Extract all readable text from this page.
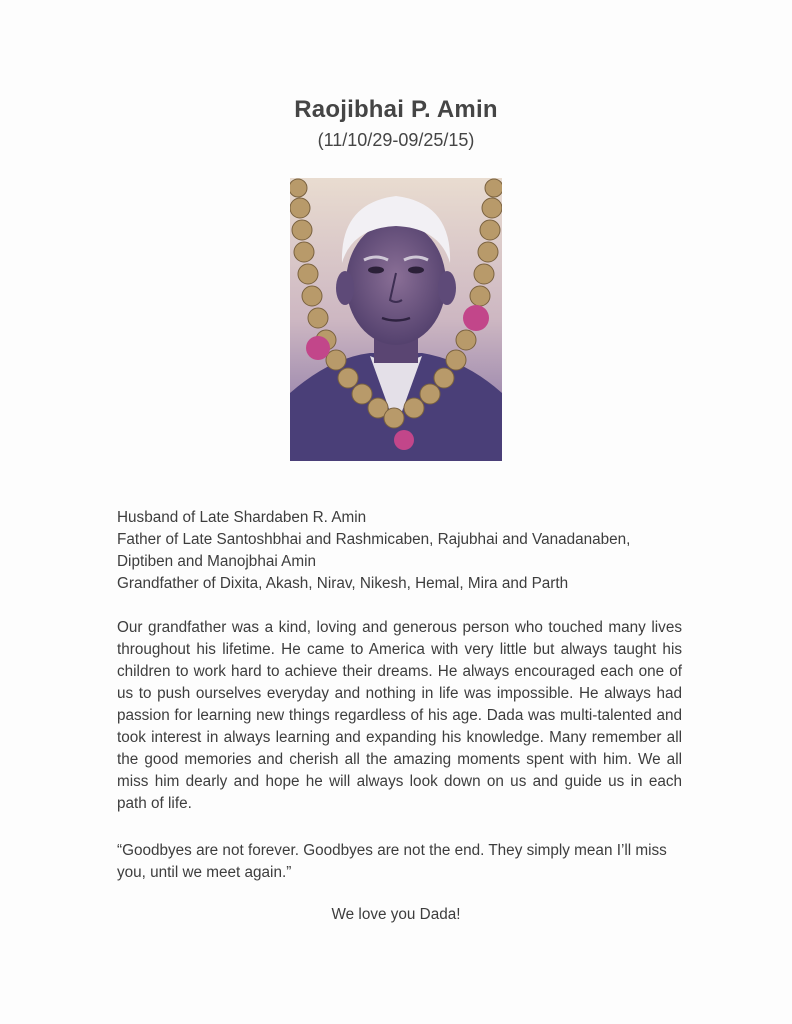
Raojibhai P. Amin
(11/10/29-09/25/15)
Husband of Late Shardaben R. Amin
Father of Late Santoshbhai and Rashmicaben, Rajubhai and Vanadanaben,
Diptiben and Manojbhai Amin
Grandfather of Dixita, Akash, Nirav, Nikesh, Hemal, Mira and Parth
Our grandfather was a kind, loving and generous person who touched many lives throughout his lifetime. He came to America with very little but always taught his children to work hard to achieve their dreams. He always encouraged each one of us to push ourselves everyday and nothing in life was impossible. He always had passion for learning new things regardless of his age. Dada was multi-talented and took interest in always learning and expanding his knowledge. Many remember all the good memories and cherish all the amazing moments spent with him. We all miss him dearly and hope he will always look down on us and guide us in each path of life.
“Goodbyes are not forever. Goodbyes are not the end. They simply mean I’ll miss you, until we meet again.”
We love you Dada!
